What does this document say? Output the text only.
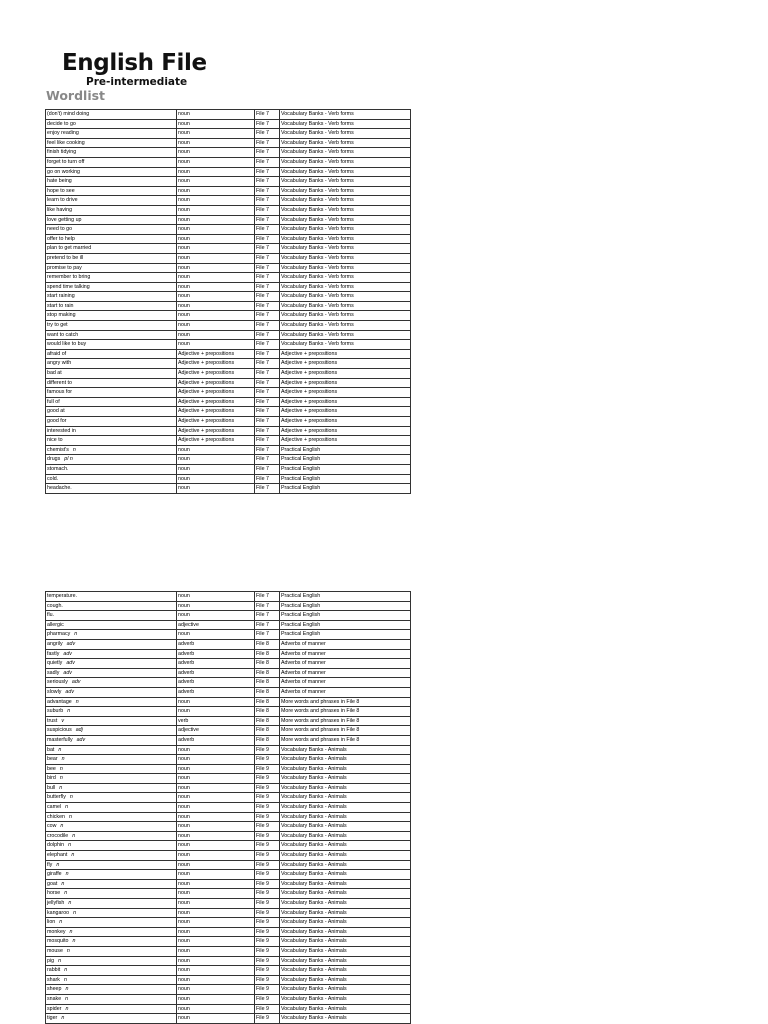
English File
Pre-intermediate
Wordlist
(don't) mind doing	noun	File 7	Vocabulary Banks - Verb forms
decide to go	noun	File 7	Vocabulary Banks - Verb forms
enjoy reading	noun	File 7	Vocabulary Banks - Verb forms
feel like cooking	noun	File 7	Vocabulary Banks - Verb forms
finish tidying	noun	File 7	Vocabulary Banks - Verb forms
forget to turn off	noun	File 7	Vocabulary Banks - Verb forms
go on working	noun	File 7	Vocabulary Banks - Verb forms
hate being	noun	File 7	Vocabulary Banks - Verb forms
hope to see	noun	File 7	Vocabulary Banks - Verb forms
learn to drive	noun	File 7	Vocabulary Banks - Verb forms
like having	noun	File 7	Vocabulary Banks - Verb forms
love getting up	noun	File 7	Vocabulary Banks - Verb forms
need to go	noun	File 7	Vocabulary Banks - Verb forms
offer to help	noun	File 7	Vocabulary Banks - Verb forms
plan to get married	noun	File 7	Vocabulary Banks - Verb forms
pretend to be ill	noun	File 7	Vocabulary Banks - Verb forms
promise to pay	noun	File 7	Vocabulary Banks - Verb forms
remember to bring	noun	File 7	Vocabulary Banks - Verb forms
spend time talking	noun	File 7	Vocabulary Banks - Verb forms
start raining	noun	File 7	Vocabulary Banks - Verb forms
start to rain	noun	File 7	Vocabulary Banks - Verb forms
stop making	noun	File 7	Vocabulary Banks - Verb forms
try to get	noun	File 7	Vocabulary Banks - Verb forms
want to catch	noun	File 7	Vocabulary Banks - Verb forms
would like to buy	noun	File 7	Vocabulary Banks - Verb forms
afraid of	Adjective + prepositions	File 7	Adjective + prepositions
angry with	Adjective + prepositions	File 7	Adjective + prepositions
bad at	Adjective + prepositions	File 7	Adjective + prepositions
different to	Adjective + prepositions	File 7	Adjective + prepositions
famous for	Adjective + prepositions	File 7	Adjective + prepositions
full of	Adjective + prepositions	File 7	Adjective + prepositions
good at	Adjective + prepositions	File 7	Adjective + prepositions
good for	Adjective + prepositions	File 7	Adjective + prepositions
interested in	Adjective + prepositions	File 7	Adjective + prepositions
nice to	Adjective + prepositions	File 7	Adjective + prepositions
chemist's n	noun	File 7	Practical English
drugs pl n	noun	File 7	Practical English
stomach.	noun	File 7	Practical English
cold.	noun	File 7	Practical English
headache.	noun	File 7	Practical English
temperature.	noun	File 7	Practical English
cough.	noun	File 7	Practical English
flu.	noun	File 7	Practical English
allergic	adjective	File 7	Practical English
pharmacy n	noun	File 7	Practical English
angrily adv	adverb	File 8	Adverbs of manner
fastly adv	adverb	File 8	Adverbs of manner
quietly adv	adverb	File 8	Adverbs of manner
sadly adv	adverb	File 8	Adverbs of manner
seriously adv	adverb	File 8	Adverbs of manner
slowly adv	adverb	File 8	Adverbs of manner
advantage n	noun	File 8	More words and phrases in File 8
suburb n	noun	File 8	More words and phrases in File 8
trust v	verb	File 8	More words and phrases in File 8
suspicious adj	adjective	File 8	More words and phrases in File 8
masterfully adv	adverb	File 8	More words and phrases in File 8
bat n	noun	File 9	Vocabulary Banks - Animals
bear n	noun	File 9	Vocabulary Banks - Animals
bee n	noun	File 9	Vocabulary Banks - Animals
bird n	noun	File 9	Vocabulary Banks - Animals
bull n	noun	File 9	Vocabulary Banks - Animals
butterfly n	noun	File 9	Vocabulary Banks - Animals
camel n	noun	File 9	Vocabulary Banks - Animals
chicken n	noun	File 9	Vocabulary Banks - Animals
cow n	noun	File 9	Vocabulary Banks - Animals
crocodile n	noun	File 9	Vocabulary Banks - Animals
dolphin n	noun	File 9	Vocabulary Banks - Animals
elephant n	noun	File 9	Vocabulary Banks - Animals
fly n	noun	File 9	Vocabulary Banks - Animals
giraffe n	noun	File 9	Vocabulary Banks - Animals
goat n	noun	File 9	Vocabulary Banks - Animals
horse n	noun	File 9	Vocabulary Banks - Animals
jellyfish n	noun	File 9	Vocabulary Banks - Animals
kangaroo n	noun	File 9	Vocabulary Banks - Animals
lion n	noun	File 9	Vocabulary Banks - Animals
monkey n	noun	File 9	Vocabulary Banks - Animals
mosquito n	noun	File 9	Vocabulary Banks - Animals
mouse n	noun	File 9	Vocabulary Banks - Animals
pig n	noun	File 9	Vocabulary Banks - Animals
rabbit n	noun	File 9	Vocabulary Banks - Animals
shark n	noun	File 9	Vocabulary Banks - Animals
sheep n	noun	File 9	Vocabulary Banks - Animals
snake n	noun	File 9	Vocabulary Banks - Animals
spider n	noun	File 9	Vocabulary Banks - Animals
tiger n	noun	File 9	Vocabulary Banks - Animals
